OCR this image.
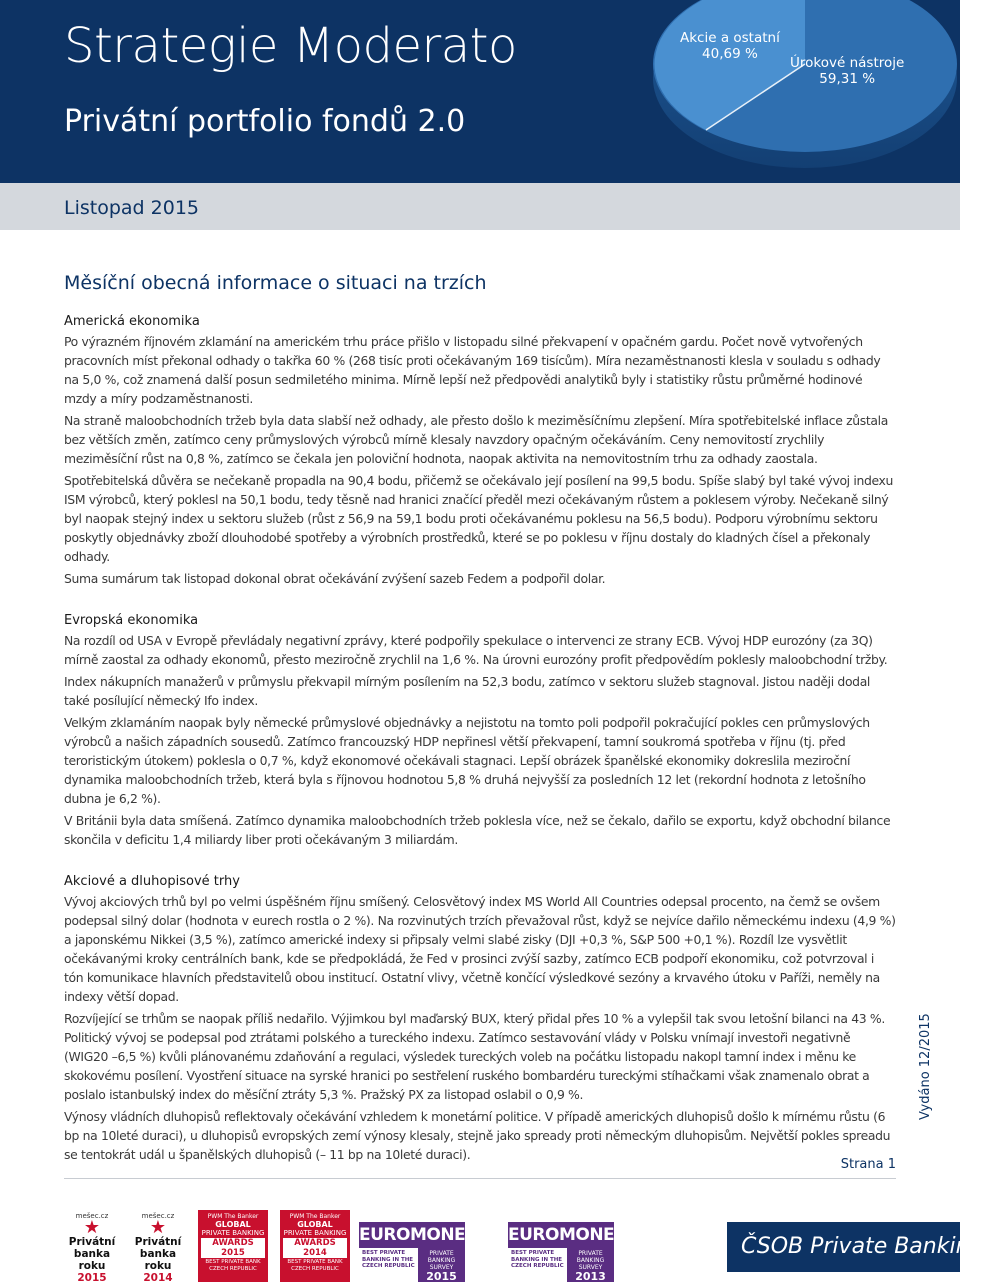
Strategie Moderato
Privátní portfolio fondů 2.0
Akcie a ostatní
40,69 %
Úrokové nástroje
59,31 %
Listopad 2015
Měsíční obecná informace o situaci na trzích
Americká ekonomika

Po výrazném říjnovém zklamání na americkém trhu práce přišlo v listopadu silné překvapení v opačném gardu. Počet nově vytvořených pracovních míst překonal odhady o takřka 60 % (268 tisíc proti očekávaným 169 tisícům). Míra nezaměstnanosti klesla v souladu s odhady na 5,0 %, což znamená další posun sedmiletého minima. Mírně lepší než předpovědi analytiků byly i statistiky růstu průměrné hodinové mzdy a míry podzaměstnanosti.

Na straně maloobchodních tržeb byla data slabší než odhady, ale přesto došlo k meziměsíčnímu zlepšení. Míra spotřebitelské inflace zůstala bez větších změn, zatímco ceny průmyslových výrobců mírně klesaly navzdory opačným očekáváním. Ceny nemovitostí zrychlily meziměsíční růst na 0,8 %, zatímco se čekala jen poloviční hodnota, naopak aktivita na nemovitostním trhu za odhady zaostala.

Spotřebitelská důvěra se nečekaně propadla na 90,4 bodu, přičemž se očekávalo její posílení na 99,5 bodu. Spíše slabý byl také vývoj indexu ISM výrobců, který poklesl na 50,1 bodu, tedy těsně nad hranici značící předěl mezi očekávaným růstem a poklesem výroby. Nečekaně silný byl naopak stejný index u sektoru služeb (růst z 56,9 na 59,1 bodu proti očekávanému poklesu na 56,5 bodu). Podporu výrobnímu sektoru poskytly objednávky zboží dlouhodobé spotřeby a výrobních prostředků, které se po poklesu v říjnu dostaly do kladných čísel a překonaly odhady.

Suma sumárum tak listopad dokonal obrat očekávání zvýšení sazeb Fedem a podpořil dolar.

Evropská ekonomika

Na rozdíl od USA v Evropě převládaly negativní zprávy, které podpořily spekulace o intervenci ze strany ECB. Vývoj HDP eurozóny (za 3Q) mírně zaostal za odhady ekonomů, přesto meziročně zrychlil na 1,6 %. Na úrovni eurozóny profit předpovědím poklesly maloobchodní tržby.

Index nákupních manažerů v průmyslu překvapil mírným posílením na 52,3 bodu, zatímco v sektoru služeb stagnoval. Jistou naději dodal také posílující německý Ifo index.

Velkým zklamáním naopak byly německé průmyslové objednávky a nejistotu na tomto poli podpořil pokračující pokles cen průmyslových výrobců a našich západních sousedů. Zatímco francouzský HDP nepřinesl větší překvapení, tamní soukromá spotřeba v říjnu (tj. před teroristickým útokem) poklesla o 0,7 %, když ekonomové očekávali stagnaci. Lepší obrázek španělské ekonomiky dokreslila meziroční dynamika maloobchodních tržeb, která byla s říjnovou hodnotou 5,8 % druhá nejvyšší za posledních 12 let (rekordní hodnota z letošního dubna je 6,2 %).

V Británii byla data smíšená. Zatímco dynamika maloobchodních tržeb poklesla více, než se čekalo, dařilo se exportu, když obchodní bilance skončila v deficitu 1,4 miliardy liber proti očekávaným 3 miliardám.

Akciové a dluhopisové trhy

Vývoj akciových trhů byl po velmi úspěšném říjnu smíšený. Celosvětový index MS World All Countries odepsal procento, na čemž se ovšem podepsal silný dolar (hodnota v eurech rostla o 2 %). Na rozvinutých trzích převažoval růst, když se nejvíce dařilo německému indexu (4,9 %) a japonskému Nikkei (3,5 %), zatímco americké indexy si připsaly velmi slabé zisky (DJI +0,3 %, S&P 500 +0,1 %). Rozdíl lze vysvětlit očekávanými kroky centrálních bank, kde se předpokládá, že Fed v prosinci zvýší sazby, zatímco ECB podpoří ekonomiku, což potvrzoval i tón komunikace hlavních představitelů obou institucí. Ostatní vlivy, včetně končící výsledkové sezóny a krvavého útoku v Paříži, neměly na indexy větší dopad.

Rozvíjející se trhům se naopak příliš nedařilo. Výjimkou byl maďarský BUX, který přidal přes 10 % a vylepšil tak svou letošní bilanci na 43 %. Politický vývoj se podepsal pod ztrátami polského a tureckého indexu. Zatímco sestavování vlády v Polsku vnímají investoři negativně (WIG20 –6,5 %) kvůli plánovanému zdaňování a regulaci, výsledek tureckých voleb na počátku listopadu nakopl tamní index i měnu ke skokovému posílení. Vyostření situace na syrské hranici po sestřelení ruského bombardéru tureckými stíhačkami však znamenalo obrat a poslalo istanbulský index do měsíční ztráty 5,3 %. Pražský PX za listopad oslabil o 0,9 %.

Výnosy vládních dluhopisů reflektovaly očekávání vzhledem k monetární politice. V případě amerických dluhopisů došlo k mírnému růstu (6 bp na 10leté duraci), u dluhopisů evropských zemí výnosy klesaly, stejně jako spready proti německým dluhopisům. Největší pokles spreadu se tentokrát udál u španělských dluhopisů (– 11 bp na 10leté duraci).

Vydáno 12/2015
Strana 1
mešec.cz
★
Privátní
banka roku
2015
mešec.cz
★
Privátní
banka roku
2014
PWM The Banker
GLOBAL
PRIVATE BANKING
AWARDS 2015
BEST PRIVATE BANK CZECH REPUBLIC
PWM The Banker
GLOBAL
PRIVATE BANKING
AWARDS 2014
BEST PRIVATE BANK CZECH REPUBLIC
EUROMONEY
BEST PRIVATE BANKING IN THE CZECH REPUBLIC
PRIVATE BANKING SURVEY
2015
EUROMONEY
BEST PRIVATE BANKING IN THE CZECH REPUBLIC
PRIVATE BANKING SURVEY
2013
ČSOB Private Banking
